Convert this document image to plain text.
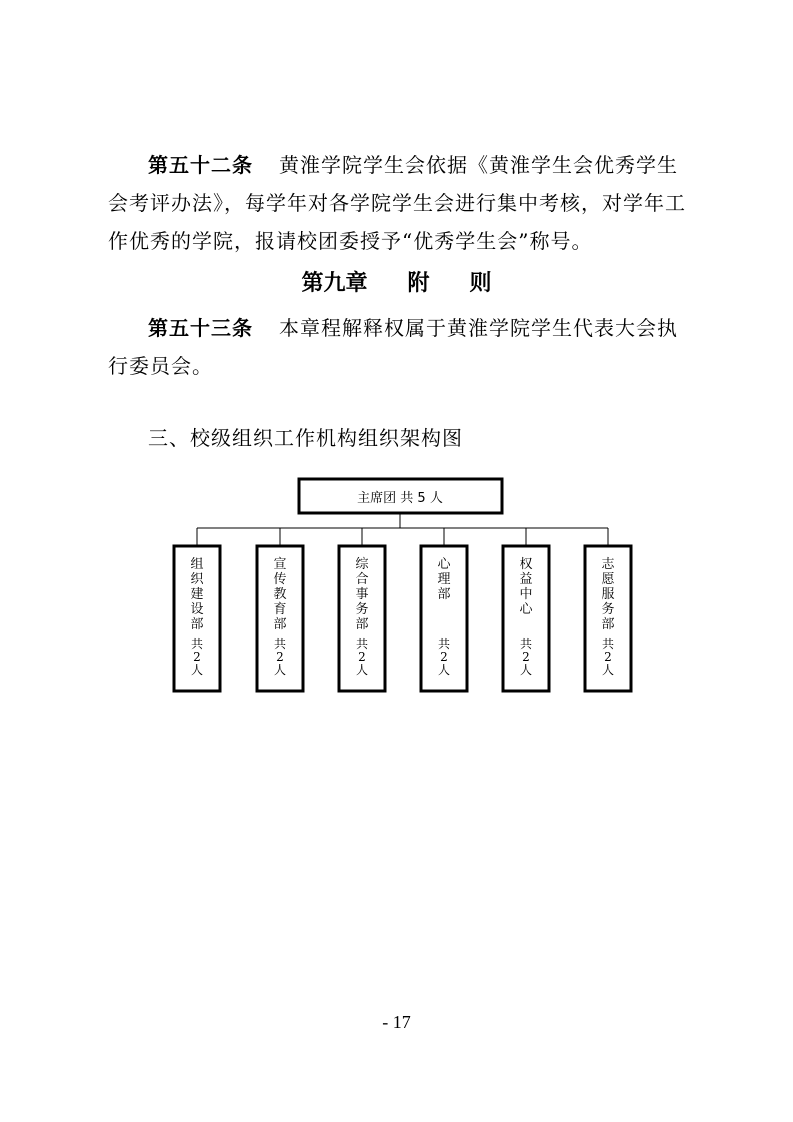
第五十二条 黄淮学院学生会依据《黄淮学生会优秀学生会考评办法》，每学年对各学院学生会进行集中考核，对学年工作优秀的学院，报请校团委授予“优秀学生会”称号。
第九章 附 则
第五十三条 本章程解释权属于黄淮学院学生代表大会执行委员会。
三、校级组织工作机构组织架构图
主席团 共 5 人
组
织
建
设
部
共
2
人
宣
传
教
育
部
共
2
人
综
合
事
务
部
共
2
人
心
理
部
共
2
人
权
益
中
心
共
2
人
志
愿
服
务
部
共
2
人
- 17
